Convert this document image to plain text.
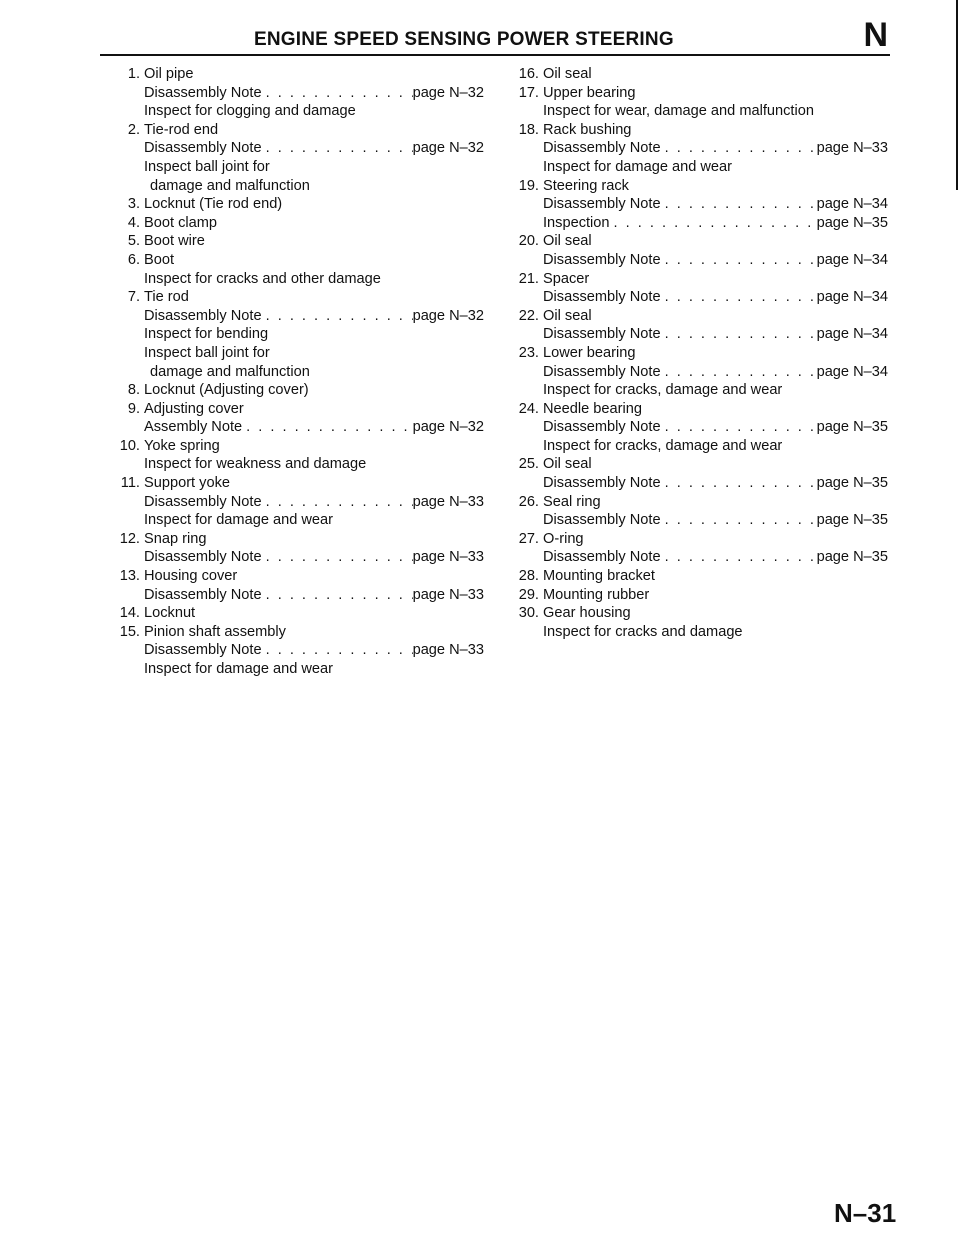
ENGINE SPEED SENSING POWER STEERING	N
1. Oil pipe
Disassembly Note . . .	page N–32
Inspect for clogging and damage
2. Tie-rod end
Disassembly Note . . .	page N–32
Inspect ball joint for
damage and malfunction
3. Locknut (Tie rod end)
4. Boot clamp
5. Boot wire
6. Boot
Inspect for cracks and other damage
7. Tie rod
Disassembly Note . . .	page N–32
Inspect for bending
Inspect ball joint for
damage and malfunction
8. Locknut (Adjusting cover)
9. Adjusting cover
Assembly Note . . .	page N–32
10. Yoke spring
Inspect for weakness and damage
11. Support yoke
Disassembly Note . . .	page N–33
Inspect for damage and wear
12. Snap ring
Disassembly Note . . .	page N–33
13. Housing cover
Disassembly Note . . .	page N–33
14. Locknut
15. Pinion shaft assembly
Disassembly Note . . .	page N–33
Inspect for damage and wear
16. Oil seal
17. Upper bearing
Inspect for wear, damage and malfunction
18. Rack bushing
Disassembly Note . . .	page N–33
Inspect for damage and wear
19. Steering rack
Disassembly Note . . .	page N–34
Inspection . . .	page N–35
20. Oil seal
Disassembly Note . . .	page N–34
21. Spacer
Disassembly Note . . .	page N–34
22. Oil seal
Disassembly Note . . .	page N–34
23. Lower bearing
Disassembly Note . . .	page N–34
Inspect for cracks, damage and wear
24. Needle bearing
Disassembly Note . . .	page N–35
Inspect for cracks, damage and wear
25. Oil seal
Disassembly Note . . .	page N–35
26. Seal ring
Disassembly Note . . .	page N–35
27. O-ring
Disassembly Note . . .	page N–35
28. Mounting bracket
29. Mounting rubber
30. Gear housing
Inspect for cracks and damage
N–31
